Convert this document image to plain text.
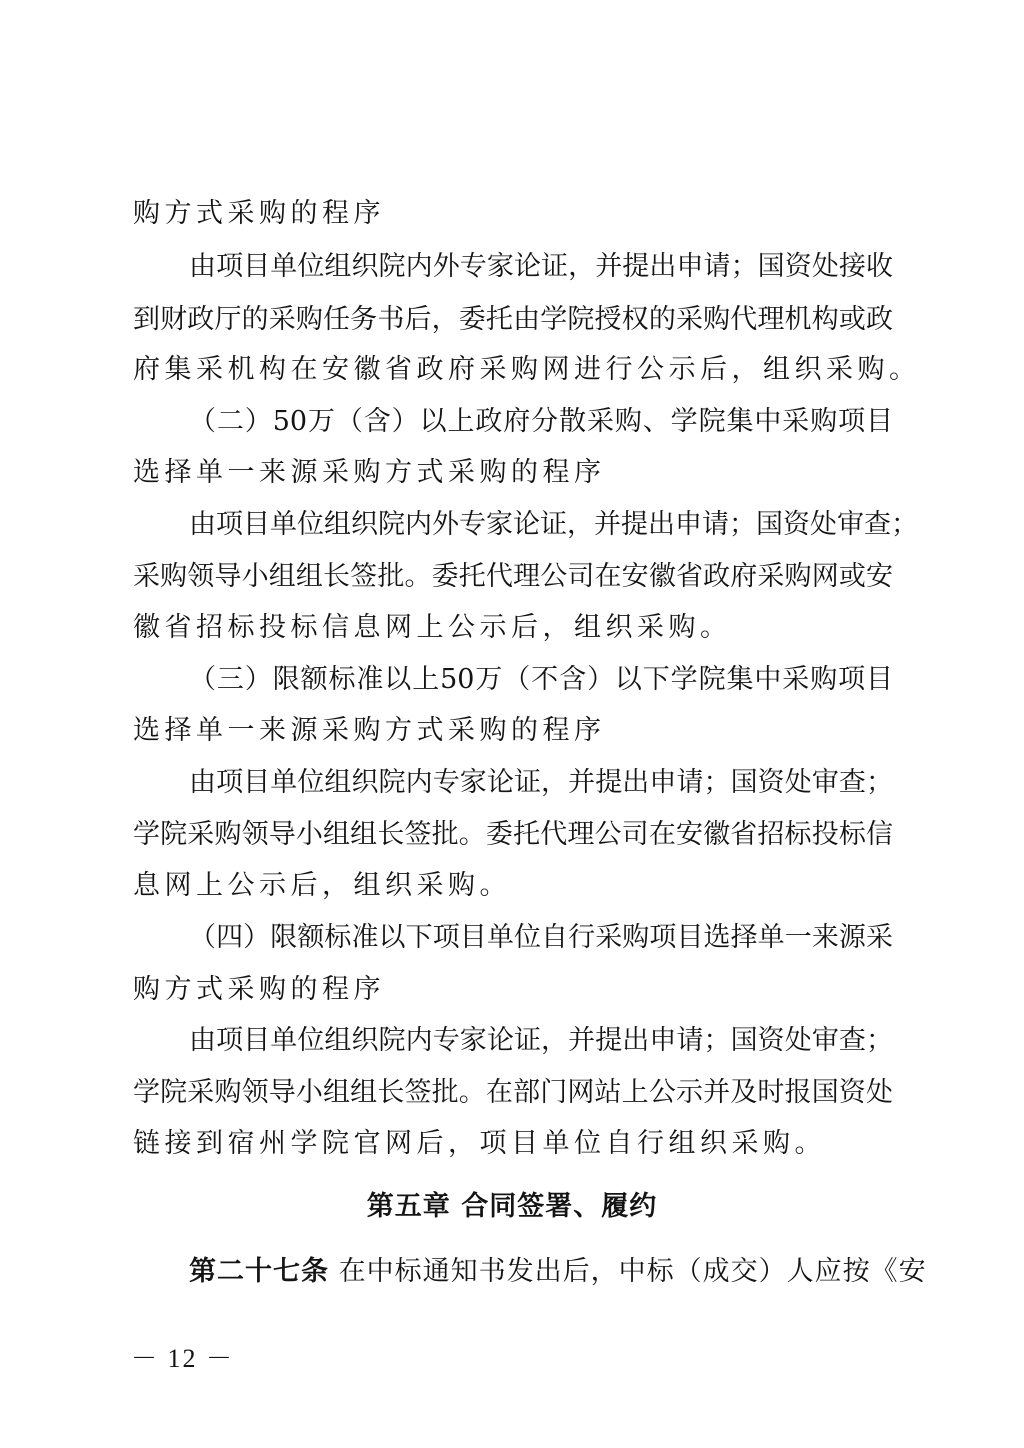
购方式采购的程序
由项目单位组织院内外专家论证，并提出申请；国资处接收
到财政厅的采购任务书后，委托由学院授权的采购代理机构或政
府集采机构在安徽省政府采购网进行公示后，组织采购。
（二）50万（含）以上政府分散采购、学院集中采购项目
选择单一来源采购方式采购的程序
由项目单位组织院内外专家论证，并提出申请；国资处审查；
采购领导小组组长签批。委托代理公司在安徽省政府采购网或安
徽省招标投标信息网上公示后，组织采购。
（三）限额标准以上50万（不含）以下学院集中采购项目
选择单一来源采购方式采购的程序
由项目单位组织院内专家论证，并提出申请；国资处审查；
学院采购领导小组组长签批。委托代理公司在安徽省招标投标信
息网上公示后，组织采购。
（四）限额标准以下项目单位自行采购项目选择单一来源采
购方式采购的程序
由项目单位组织院内专家论证，并提出申请；国资处审查；
学院采购领导小组组长签批。在部门网站上公示并及时报国资处
链接到宿州学院官网后，项目单位自行组织采购。
第五章 合同签署、履约
第二十七条 在中标通知书发出后，中标（成交）人应按《安
－ 12 －
